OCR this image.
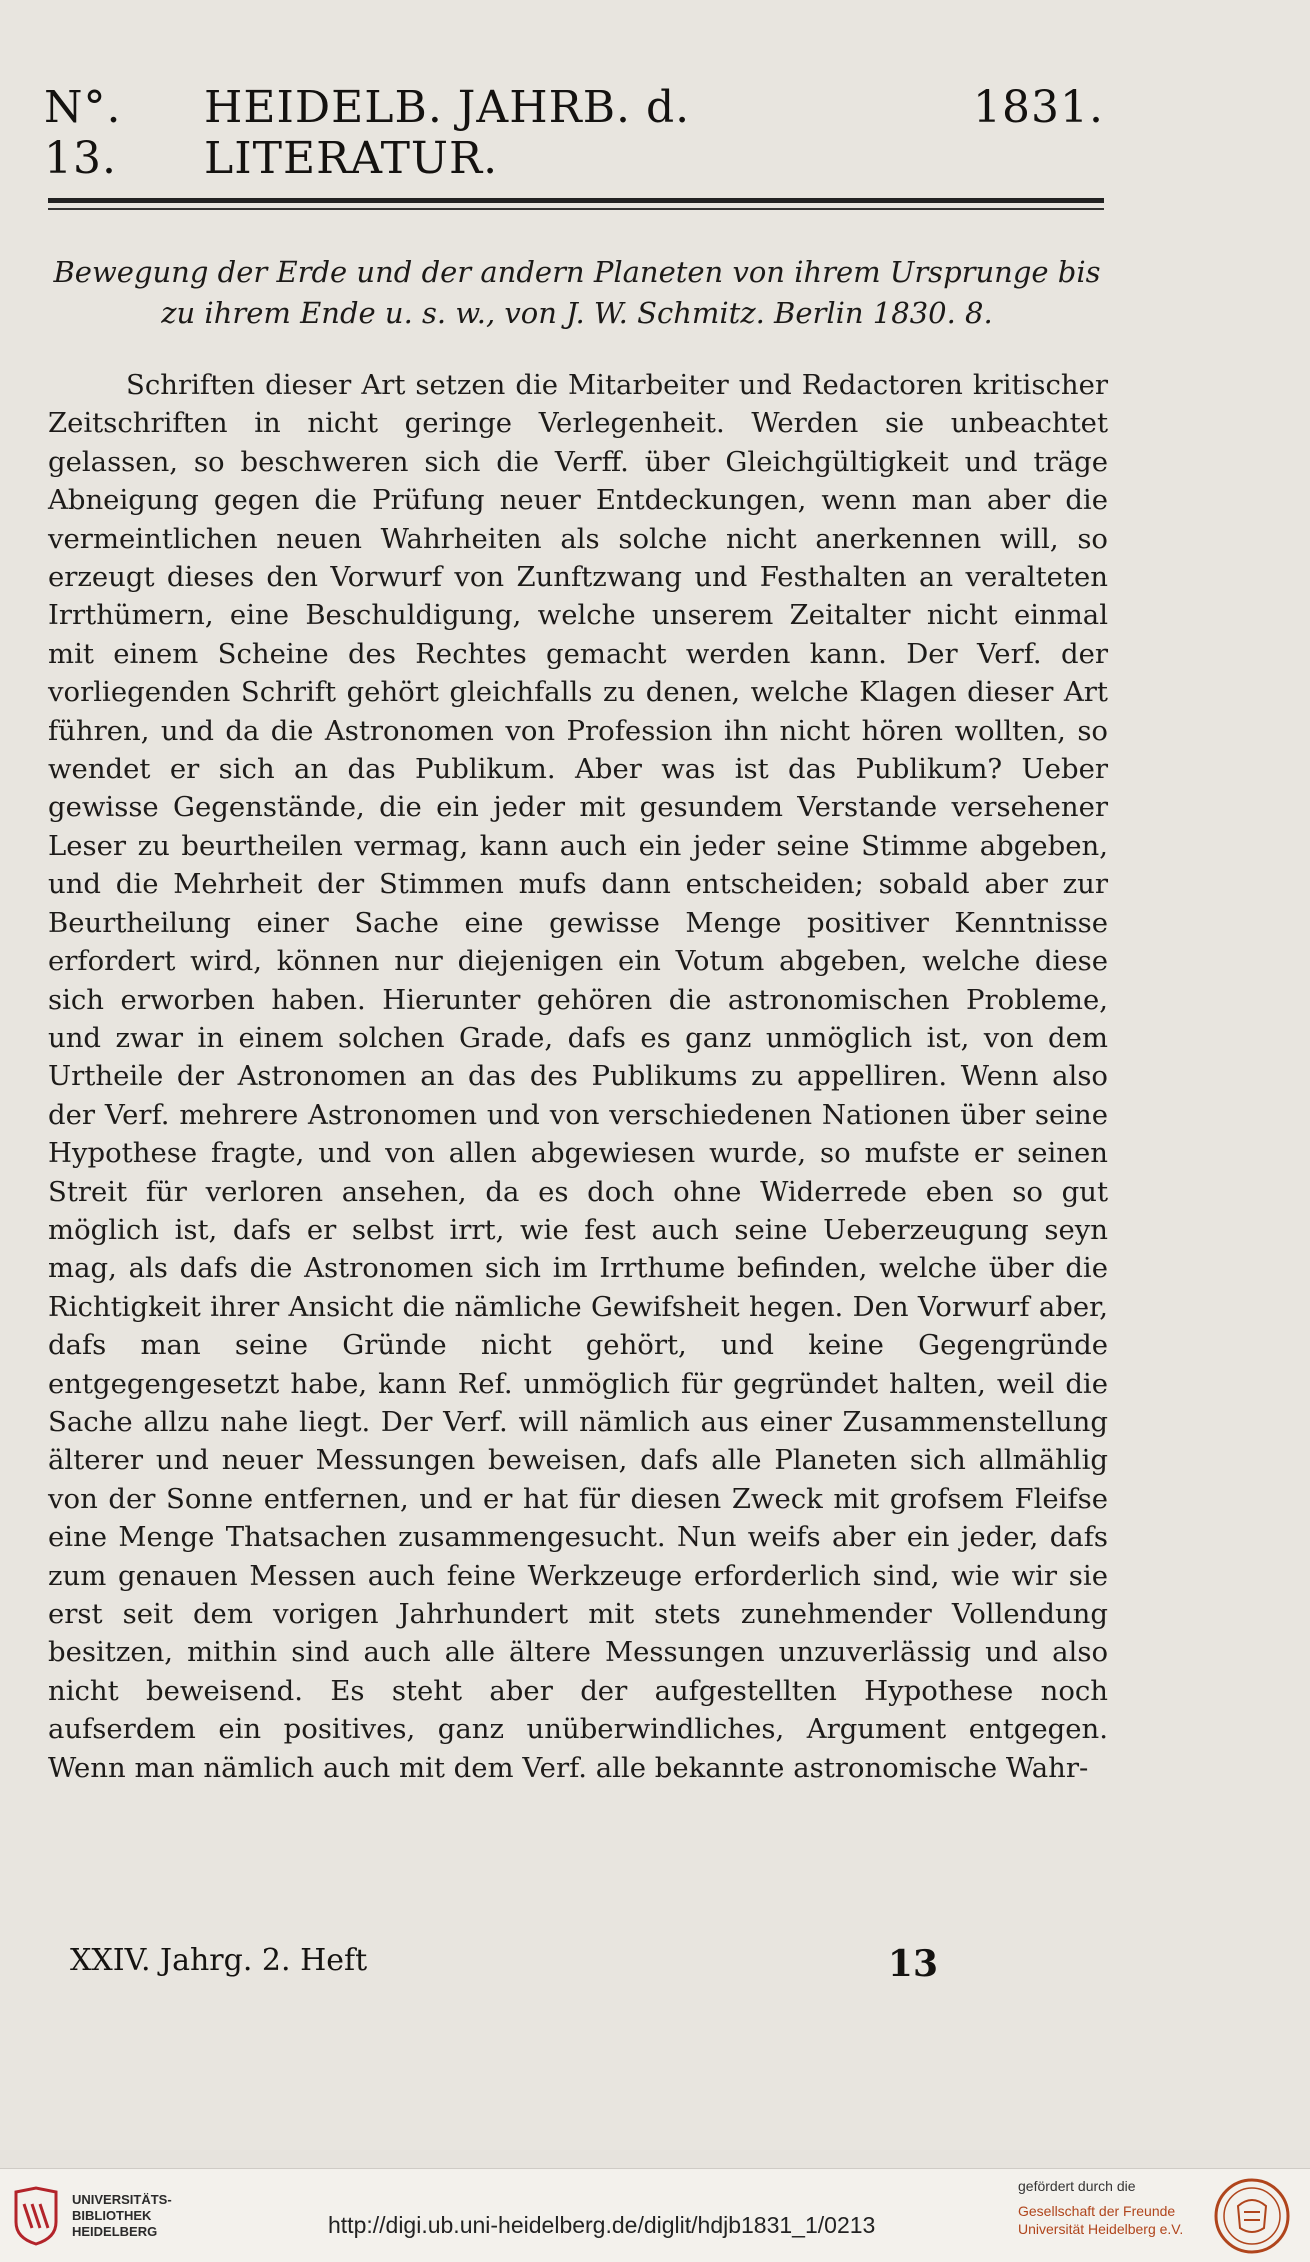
N°. 13.
HEIDELB. JAHRB. d. LITERATUR.
1831.
Bewegung der Erde und der andern Planeten von ihrem Ursprunge bis
zu ihrem Ende u. s. w., von J. W. Schmitz. Berlin 1830. 8.

Schriften dieser Art setzen die Mitarbeiter und Redactoren kritischer Zeitschriften in nicht geringe Verlegenheit. Werden sie unbeachtet gelassen, so beschweren sich die Verff. über Gleichgültigkeit und träge Abneigung gegen die Prüfung neuer Entdeckungen, wenn man aber die vermeintlichen neuen Wahrheiten als solche nicht anerkennen will, so erzeugt dieses den Vorwurf von Zunftzwang und Festhalten an veralteten Irrthümern, eine Beschuldigung, welche unserem Zeitalter nicht einmal mit einem Scheine des Rechtes gemacht werden kann. Der Verf. der vorliegenden Schrift gehört gleichfalls zu denen, welche Klagen dieser Art führen, und da die Astronomen von Profession ihn nicht hören wollten, so wendet er sich an das Publikum. Aber was ist das Publikum? Ueber gewisse Gegenstände, die ein jeder mit gesundem Verstande versehener Leser zu beurtheilen vermag, kann auch ein jeder seine Stimme abgeben, und die Mehrheit der Stimmen mufs dann entscheiden; sobald aber zur Beurtheilung einer Sache eine gewisse Menge positiver Kenntnisse erfordert wird, können nur diejenigen ein Votum abgeben, welche diese sich erworben haben. Hierunter gehören die astronomischen Probleme, und zwar in einem solchen Grade, dafs es ganz unmöglich ist, von dem Urtheile der Astronomen an das des Publikums zu appelliren. Wenn also der Verf. mehrere Astronomen und von verschiedenen Nationen über seine Hypothese fragte, und von allen abgewiesen wurde, so mufste er seinen Streit für verloren ansehen, da es doch ohne Widerrede eben so gut möglich ist, dafs er selbst irrt, wie fest auch seine Ueberzeugung seyn mag, als dafs die Astronomen sich im Irrthume befinden, welche über die Richtigkeit ihrer Ansicht die nämliche Gewifsheit hegen. Den Vorwurf aber, dafs man seine Gründe nicht gehört, und keine Gegengründe entgegengesetzt habe, kann Ref. unmöglich für gegründet halten, weil die Sache allzu nahe liegt. Der Verf. will nämlich aus einer Zusammenstellung älterer und neuer Messungen beweisen, dafs alle Planeten sich allmählig von der Sonne entfernen, und er hat für diesen Zweck mit grofsem Fleifse eine Menge Thatsachen zusammengesucht. Nun weifs aber ein jeder, dafs zum genauen Messen auch feine Werkzeuge erforderlich sind, wie wir sie erst seit dem vorigen Jahrhundert mit stets zunehmender Vollendung besitzen, mithin sind auch alle ältere Messungen unzuverlässig und also nicht beweisend. Es steht aber der aufgestellten Hypothese noch aufserdem ein positives, ganz unüberwindliches, Argument entgegen. Wenn man nämlich auch mit dem Verf. alle bekannte astronomische Wahr-

XXIV. Jahrg. 2. Heft	13
UNIVERSITÄTS-
BIBLIOTHEK
HEIDELBERG	http://digi.ub.uni-heidelberg.de/diglit/hdjb1831_1/0213
gefördert durch die
Gesellschaft der Freunde
Universität Heidelberg e.V.
